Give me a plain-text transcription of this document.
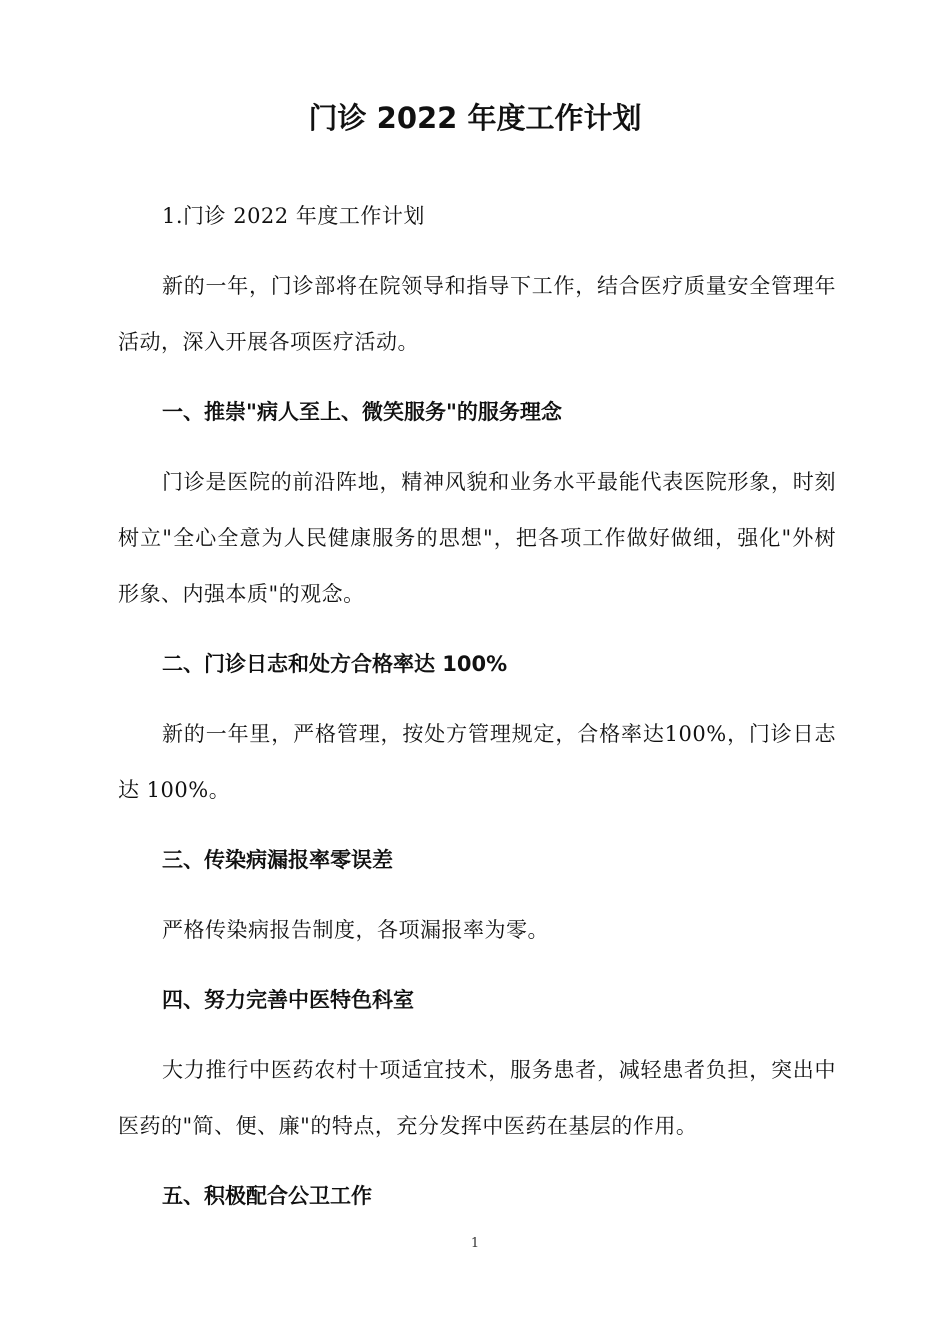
门诊 2022 年度工作计划

1.门诊 2022 年度工作计划

新的一年，门诊部将在院领导和指导下工作，结合医疗质量安全管理年活动，深入开展各项医疗活动。

一、推崇"病人至上、微笑服务"的服务理念

门诊是医院的前沿阵地，精神风貌和业务水平最能代表医院形象，时刻树立"全心全意为人民健康服务的思想"，把各项工作做好做细，强化"外树形象、内强本质"的观念。

二、门诊日志和处方合格率达 100%

新的一年里，严格管理，按处方管理规定，合格率达100%，门诊日志达 100%。

三、传染病漏报率零误差

严格传染病报告制度，各项漏报率为零。

四、努力完善中医特色科室

大力推行中医药农村十项适宜技术，服务患者，减轻患者负担，突出中医药的"简、便、廉"的特点，充分发挥中医药在基层的作用。

五、积极配合公卫工作

1
